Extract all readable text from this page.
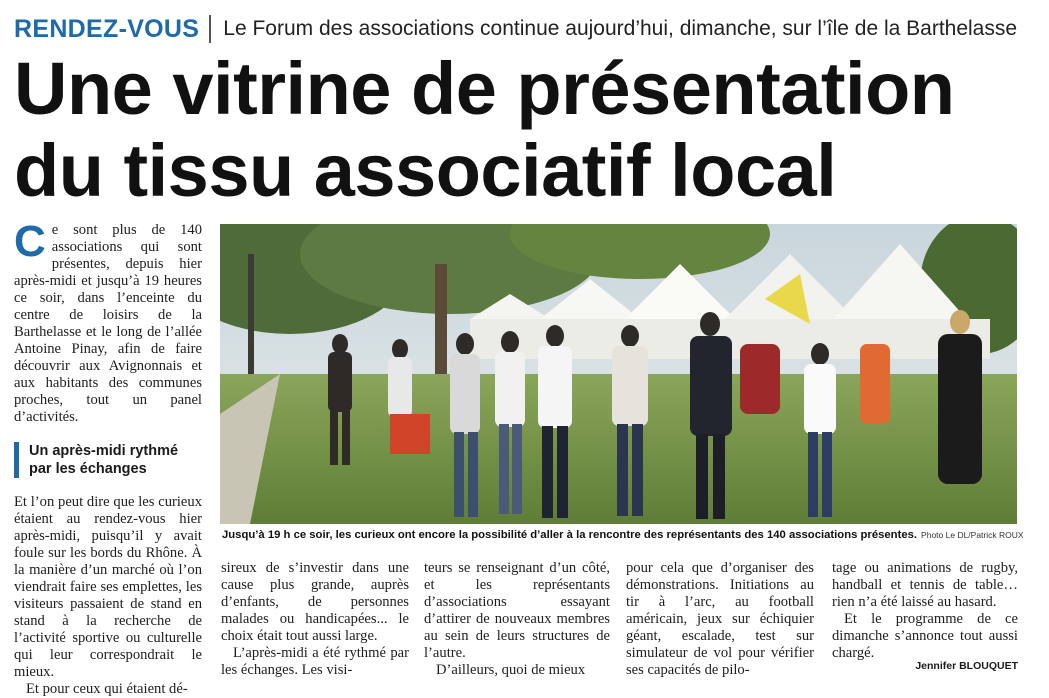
RENDEZ-VOUS Le Forum des associations continue aujourd’hui, dimanche, sur l’île de la Barthelasse
Une vitrine de présentation
du tissu associatif local

Ce sont plus de 140 associations qui sont présentes, depuis hier après-midi et jusqu’à 19 heures ce soir, dans l’enceinte du centre de loisirs de la Barthelasse et le long de l’allée Antoine Pinay, afin de faire découvrir aux Avignonnais et aux habitants des communes proches, tout un panel d’activités.

Un après-midi rythmé par les échanges

Et l’on peut dire que les curieux étaient au rendez-vous hier après-midi, puisqu’il y avait foule sur les bords du Rhône. À la manière d’un marché où l’on viendrait faire ses emplettes, les visiteurs passaient de stand en stand à la recherche de l’activité sportive ou culturelle qui leur correspondrait le mieux.

Et pour ceux qui étaient dé-

Jusqu’à 19 h ce soir, les curieux ont encore la possibilité d’aller à la rencontre des représentants des 140 associations présentes. Photo Le DL/Patrick ROUX

sireux de s’investir dans une cause plus grande, auprès d’enfants, de personnes malades ou handicapées... le choix était tout aussi large.

L’après-midi a été rythmé par les échanges. Les visi-

teurs se renseignant d’un côté, et les représentants d’associations essayant d’attirer de nouveaux membres au sein de leurs structures de l’autre.

D’ailleurs, quoi de mieux

pour cela que d’organiser des démonstrations. Initiations au tir à l’arc, au football américain, jeux sur échiquier géant, escalade, test sur simulateur de vol pour vérifier ses capacités de pilo-

tage ou animations de rugby, handball et tennis de table… rien n’a été laissé au hasard.

Et le programme de ce dimanche s’annonce tout aussi chargé.

Jennifer BLOUQUET
